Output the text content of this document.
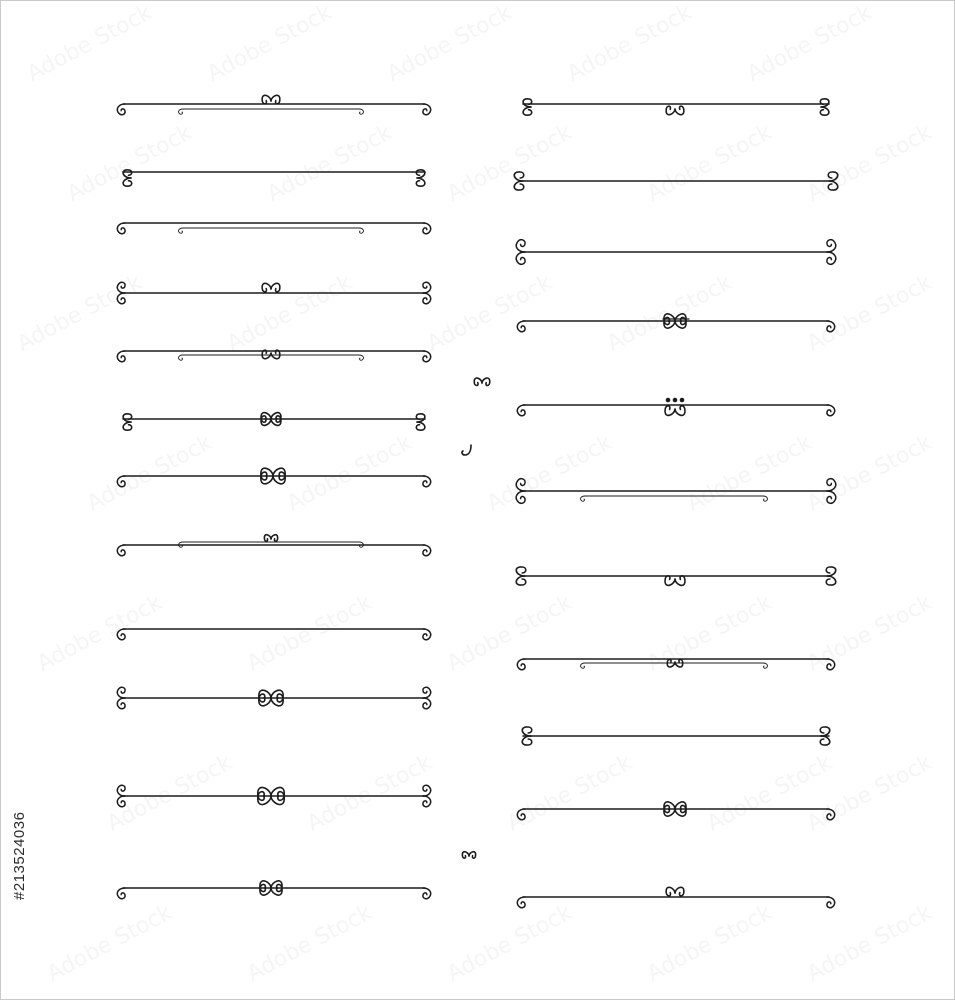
Adobe Stock Adobe Stock Adobe Stock Adobe Stock Adobe Stock
Adobe Stock	Adobe Stock Adobe Stock	Adobe Stock Adobe Stock
Adobe Stock	Adobe Stock	Adobe Stock Adobe Stock	Adobe Stock
Adobe Stock	Adobe Stock	Adobe Stock	Adobe Stock
Adobe Stock
Adobe Stock	Adobe Stock	Adobe Stock	Adobe Stock Adobe Stock
Adobe Stock	Adobe Stock	Adobe Stock	Adobe Stock
Adobe Stock
Adobe Stock	Adobe Stock	Adobe Stock	Adobe Stock Adobe Stock
#213524036
